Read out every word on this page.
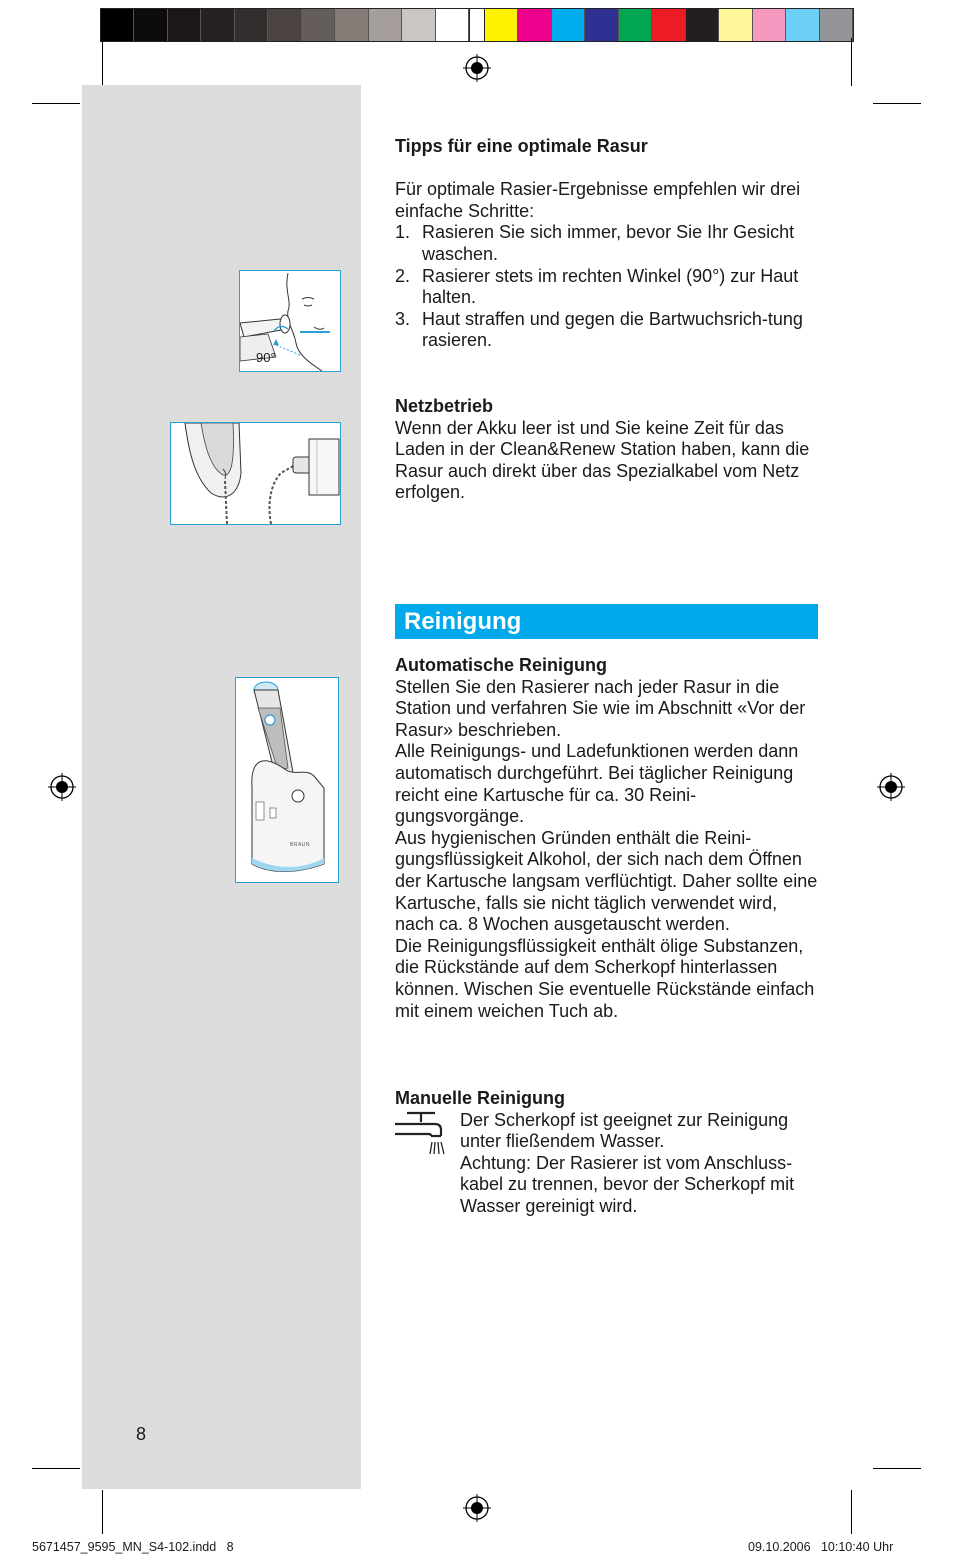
90°
BRAUN

Tipps für eine optimale Rasur

Für optimale Rasier-Ergebnisse empfehlen wir drei einfache Schritte:

1. Rasieren Sie sich immer, bevor Sie Ihr Gesicht waschen.
2. Rasierer stets im rechten Winkel (90°) zur Haut halten.
3. Haut straffen und gegen die Bartwuchsrich-tung rasieren.

Netzbetrieb

Wenn der Akku leer ist und Sie keine Zeit für das Laden in der Clean&Renew Station haben, kann die Rasur auch direkt über das Spezialkabel vom Netz erfolgen.

Automatische Reinigung

Stellen Sie den Rasierer nach jeder Rasur in die Station und verfahren Sie wie im Abschnitt «Vor der Rasur» beschrieben.

Alle Reinigungs- und Ladefunktionen werden dann automatisch durchgeführt. Bei täglicher Reinigung reicht eine Kartusche für ca. 30 Reini-gungsvorgänge.

Aus hygienischen Gründen enthält die Reini-gungsflüssigkeit Alkohol, der sich nach dem Öffnen der Kartusche langsam verflüchtigt. Daher sollte eine Kartusche, falls sie nicht täglich verwendet wird, nach ca. 8 Wochen ausgetauscht werden.

Die Reinigungsflüssigkeit enthält ölige Substanzen, die Rückstände auf dem Scherkopf hinterlassen können. Wischen Sie eventuelle Rückstände einfach mit einem weichen Tuch ab.

Manuelle Reinigung

Der Scherkopf ist geeignet zur Reinigung unter fließendem Wasser.

Achtung: Der Rasierer ist vom Anschluss-kabel zu trennen, bevor der Scherkopf mit Wasser gereinigt wird.

Reinigung
8
5671457_9595_MN_S4-102.indd   8	09.10.2006   10:10:40 Uhr
